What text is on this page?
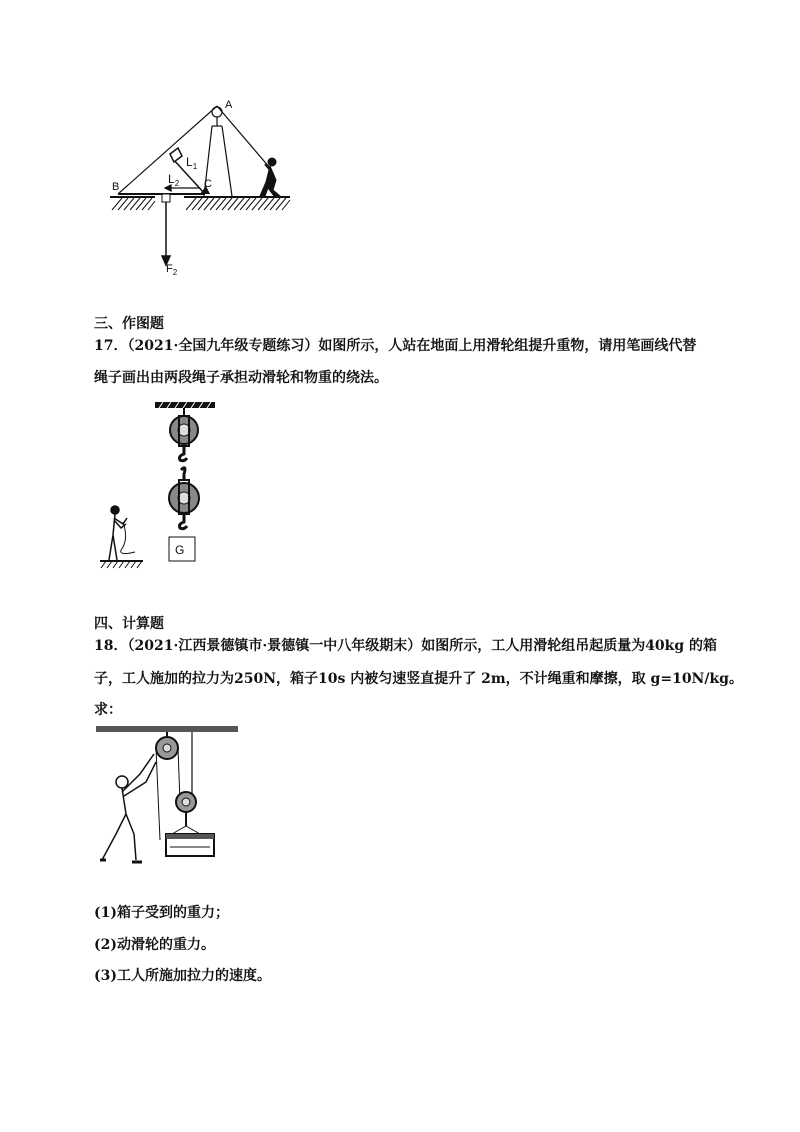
A
B	C
$L_1$
$L_2$
$F_2$
三、作图题
17．（2021·全国九年级专题练习）如图所示，人站在地面上用滑轮组提升重物，请用笔画线代替
绳子画出由两段绳子承担动滑轮和物重的绕法。
G
四、计算题
18．（2021·江西景德镇市·景德镇一中八年级期末）如图所示，工人用滑轮组吊起质量为40kg 的箱
子，工人施加的拉力为250N，箱子10s 内被匀速竖直提升了 2m，不计绳重和摩擦，取 g=10N/kg。
求：
(1)箱子受到的重力；
(2)动滑轮的重力。
(3)工人所施加拉力的速度。
